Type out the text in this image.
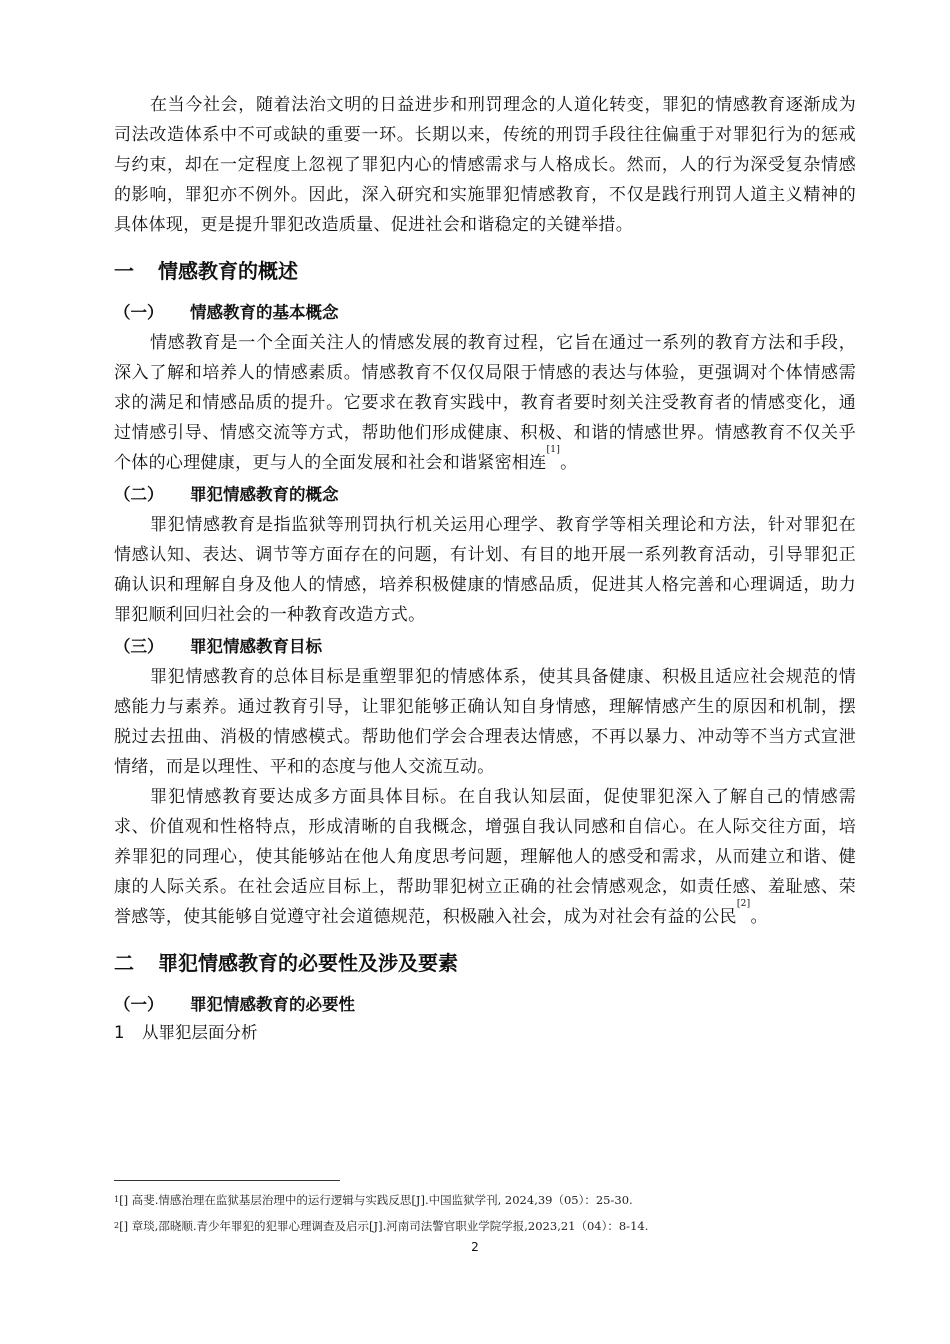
在当今社会，随着法治文明的日益进步和刑罚理念的人道化转变，罪犯的情感教育逐渐成为司法改造体系中不可或缺的重要一环。长期以来，传统的刑罚手段往往偏重于对罪犯行为的惩戒与约束，却在一定程度上忽视了罪犯内心的情感需求与人格成长。然而，人的行为深受复杂情感的影响，罪犯亦不例外。因此，深入研究和实施罪犯情感教育，不仅是践行刑罚人道主义精神的具体体现，更是提升罪犯改造质量、促进社会和谐稳定的关键举措。

一 情感教育的概述
（一） 情感教育的基本概念

情感教育是一个全面关注人的情感发展的教育过程，它旨在通过一系列的教育方法和手段，深入了解和培养人的情感素质。情感教育不仅仅局限于情感的表达与体验，更强调对个体情感需求的满足和情感品质的提升。它要求在教育实践中，教育者要时刻关注受教育者的情感变化，通过情感引导、情感交流等方式，帮助他们形成健康、积极、和谐的情感世界。情感教育不仅关乎个体的心理健康，更与人的全面发展和社会和谐紧密相连[1]。

（二） 罪犯情感教育的概念

罪犯情感教育是指监狱等刑罚执行机关运用心理学、教育学等相关理论和方法，针对罪犯在情感认知、表达、调节等方面存在的问题，有计划、有目的地开展一系列教育活动，引导罪犯正确认识和理解自身及他人的情感，培养积极健康的情感品质，促进其人格完善和心理调适，助力罪犯顺利回归社会的一种教育改造方式。

（三） 罪犯情感教育目标

罪犯情感教育的总体目标是重塑罪犯的情感体系，使其具备健康、积极且适应社会规范的情感能力与素养。通过教育引导，让罪犯能够正确认知自身情感，理解情感产生的原因和机制，摆脱过去扭曲、消极的情感模式。帮助他们学会合理表达情感，不再以暴力、冲动等不当方式宣泄情绪，而是以理性、平和的态度与他人交流互动。

罪犯情感教育要达成多方面具体目标。在自我认知层面，促使罪犯深入了解自己的情感需求、价值观和性格特点，形成清晰的自我概念，增强自我认同感和自信心。在人际交往方面，培养罪犯的同理心，使其能够站在他人角度思考问题，理解他人的感受和需求，从而建立和谐、健康的人际关系。在社会适应目标上，帮助罪犯树立正确的社会情感观念，如责任感、羞耻感、荣誉感等，使其能够自觉遵守社会道德规范，积极融入社会，成为对社会有益的公民[2]。

二 罪犯情感教育的必要性及涉及要素
（一） 罪犯情感教育的必要性
1 从罪犯层面分析

$^1$[] 高斐.情感治理在监狱基层治理中的运行逻辑与实践反思[J].中国监狱学刊, 2024,39（05）：25-30.

$^2$[] 章琰,邵晓顺.青少年罪犯的犯罪心理调查及启示[J].河南司法警官职业学院学报,2023,21（04）：8-14.

2
